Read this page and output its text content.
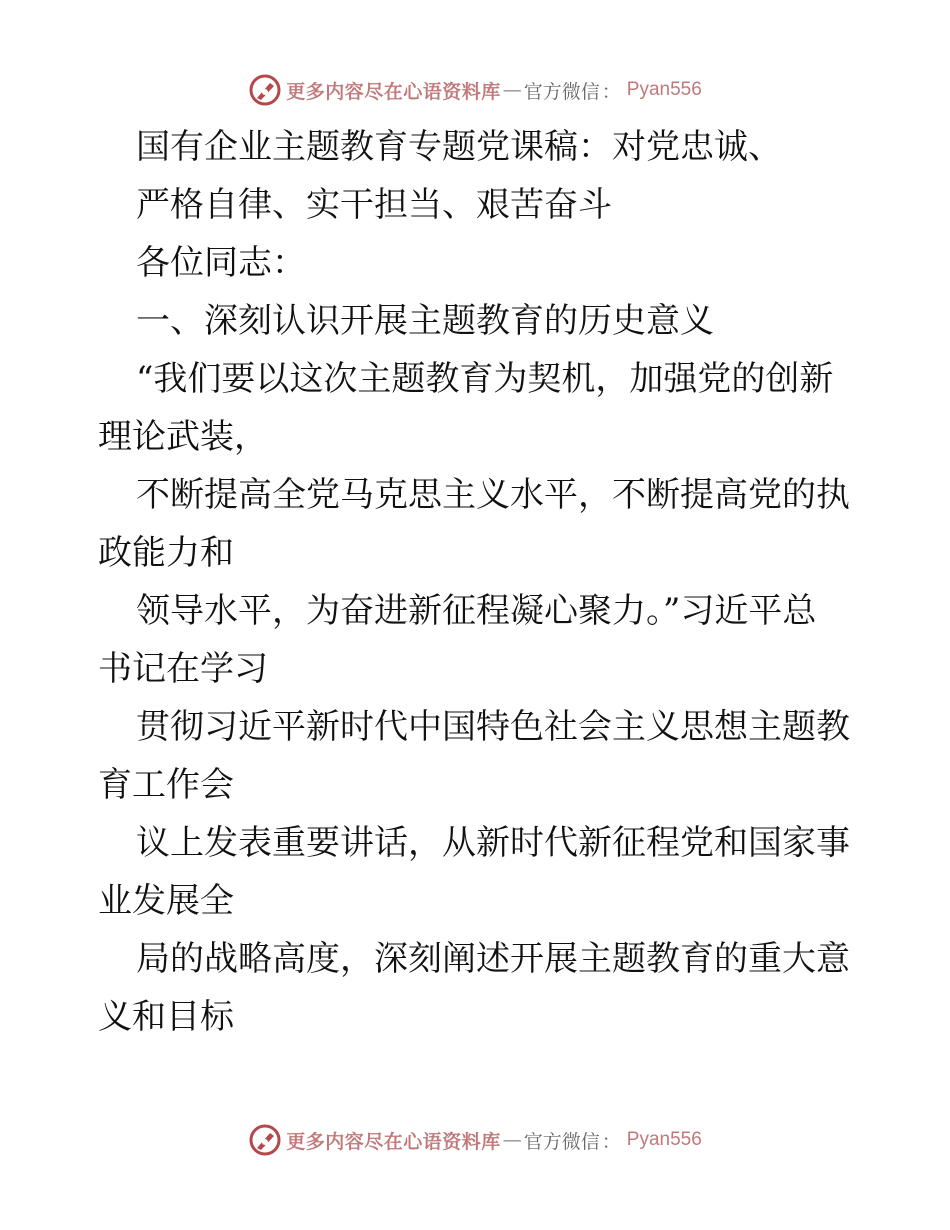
更多内容尽在心语资料库 — 官方微信 ： Pyan556
国有企业主题教育专题党课稿：对党忠诚、
严格自律、实干担当、艰苦奋斗
各位同志：
一、深刻认识开展主题教育的历史意义
“我们要以这次主题教育为契机，加强党的创新
理论武装，
不断提高全党马克思主义水平，不断提高党的执
政能力和
领导水平，为奋进新征程凝心聚力。”习近平总
书记在学习
贯彻习近平新时代中国特色社会主义思想主题教
育工作会
议上发表重要讲话，从新时代新征程党和国家事
业发展全
局的战略高度，深刻阐述开展主题教育的重大意
义和目标
更多内容尽在心语资料库 — 官方微信 ： Pyan556
